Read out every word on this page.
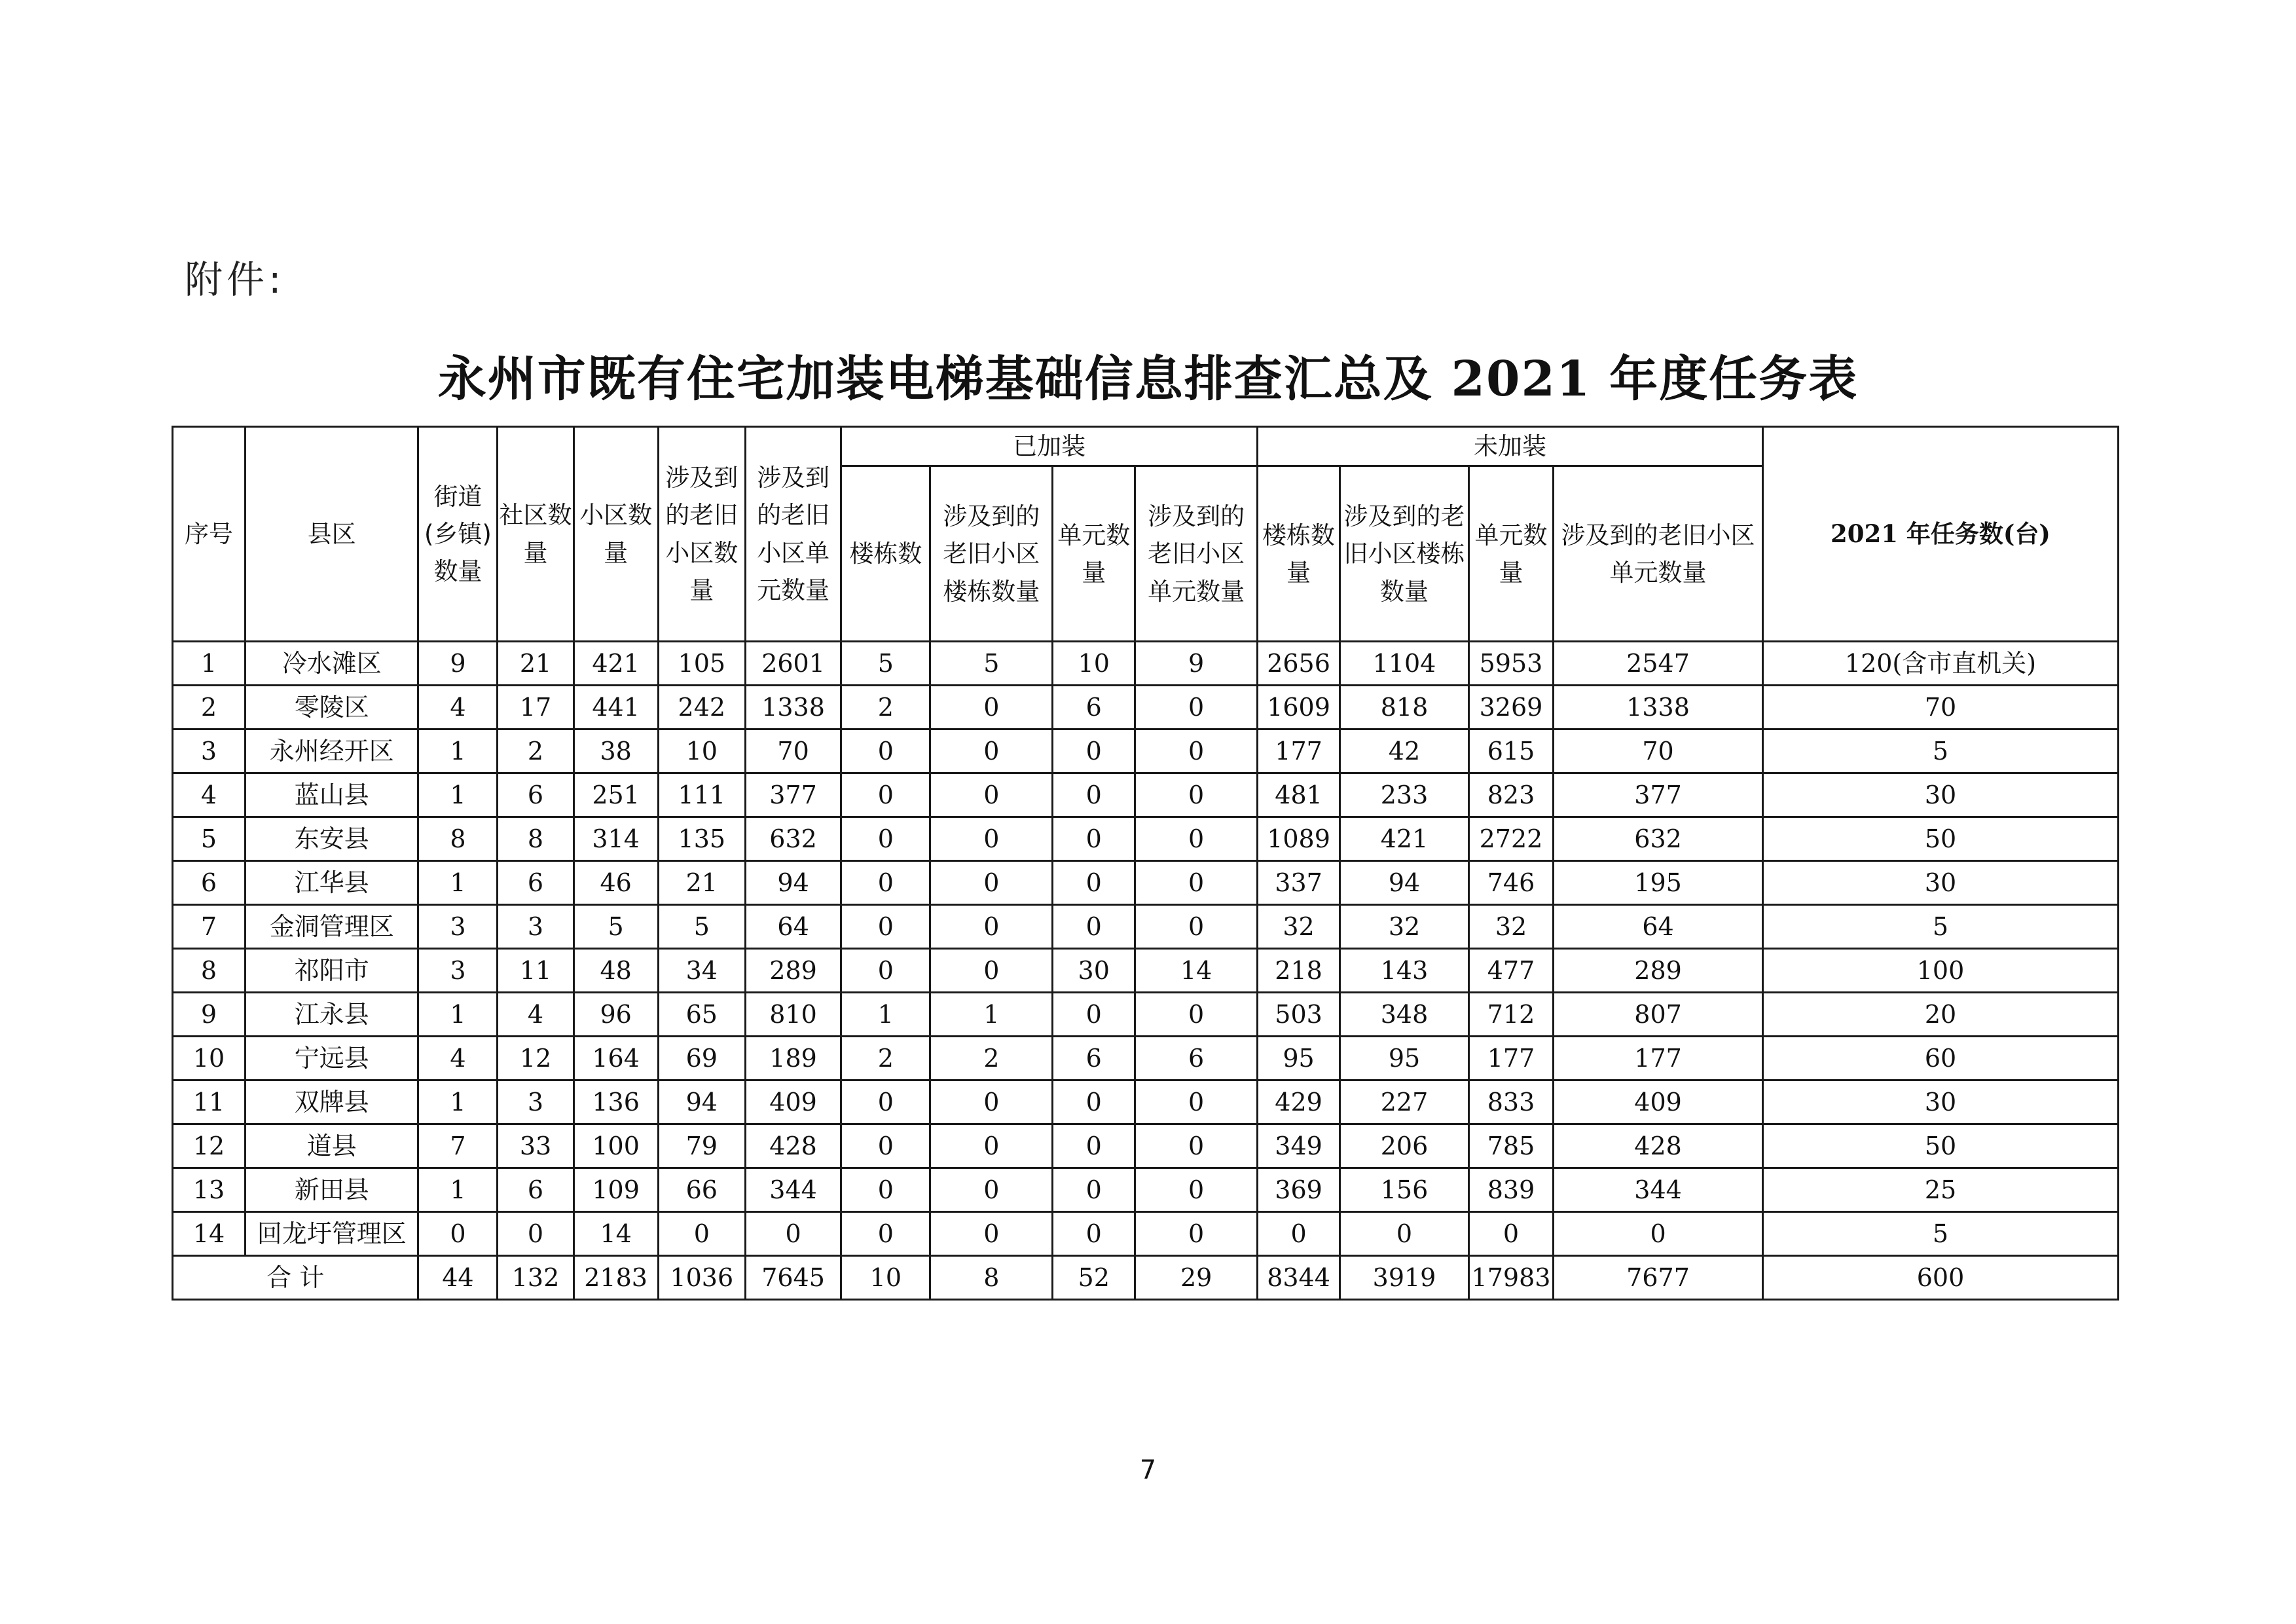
附件:
永州市既有住宅加装电梯基础信息排查汇总及 2021 年度任务表
序号	县区	街道(乡镇)数量	社区数量	小区数量	涉及到的老旧小区数量	涉及到的老旧小区单元数量	已加装				未加装				2021 年任务数(台)
							楼栋数	涉及到的老旧小区楼栋数量	单元数量	涉及到的老旧小区单元数量	楼栋数量	涉及到的老旧小区楼栋数量	单元数量	涉及到的老旧小区单元数量	
1	冷水滩区	9	21	421	105	2601	5	5	10	9	2656	1104	5953	2547	120(含市直机关)
2	零陵区	4	17	441	242	1338	2	0	6	0	1609	818	3269	1338	70
3	永州经开区	1	2	38	10	70	0	0	0	0	177	42	615	70	5
4	蓝山县	1	6	251	111	377	0	0	0	0	481	233	823	377	30
5	东安县	8	8	314	135	632	0	0	0	0	1089	421	2722	632	50
6	江华县	1	6	46	21	94	0	0	0	0	337	94	746	195	30
7	金洞管理区	3	3	5	5	64	0	0	0	0	32	32	32	64	5
8	祁阳市	3	11	48	34	289	0	0	30	14	218	143	477	289	100
9	江永县	1	4	96	65	810	1	1	0	0	503	348	712	807	20
10	宁远县	4	12	164	69	189	2	2	6	6	95	95	177	177	60
11	双牌县	1	3	136	94	409	0	0	0	0	429	227	833	409	30
12	道县	7	33	100	79	428	0	0	0	0	349	206	785	428	50
13	新田县	1	6	109	66	344	0	0	0	0	369	156	839	344	25
14	回龙圩管理区	0	0	14	0	0	0	0	0	0	0	0	0	0	5
合 计		44	132	2183	1036	7645	10	8	52	29	8344	3919	17983	7677	600
7
